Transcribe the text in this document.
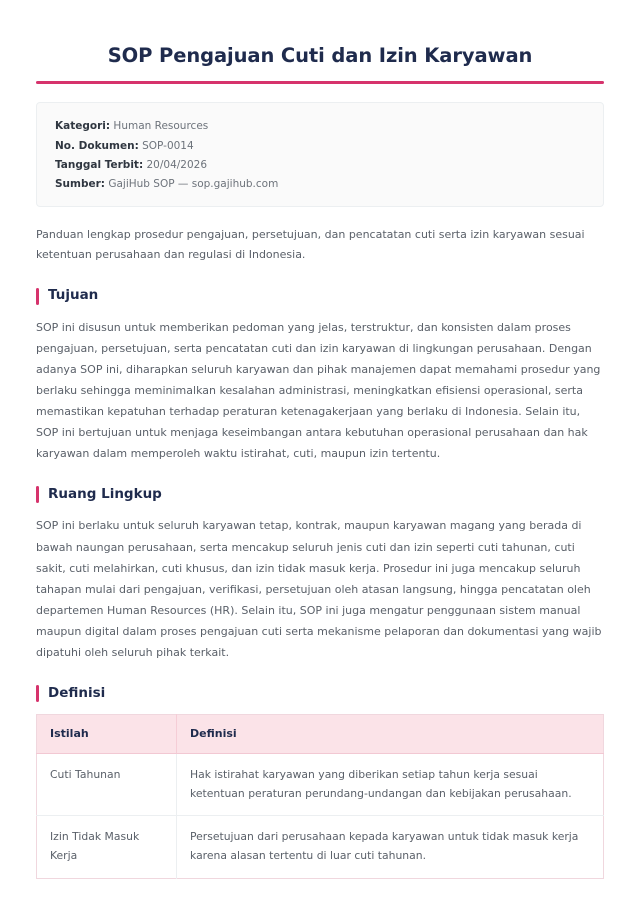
SOP Pengajuan Cuti dan Izin Karyawan
Kategori: Human Resources
No. Dokumen: SOP-0014
Tanggal Terbit: 20/04/2026
Sumber: GajiHub SOP — sop.gajihub.com

Panduan lengkap prosedur pengajuan, persetujuan, dan pencatatan cuti serta izin karyawan sesuai ketentuan perusahaan dan regulasi di Indonesia.

Tujuan

SOP ini disusun untuk memberikan pedoman yang jelas, terstruktur, dan konsisten dalam proses pengajuan, persetujuan, serta pencatatan cuti dan izin karyawan di lingkungan perusahaan. Dengan adanya SOP ini, diharapkan seluruh karyawan dan pihak manajemen dapat memahami prosedur yang berlaku sehingga meminimalkan kesalahan administrasi, meningkatkan efisiensi operasional, serta memastikan kepatuhan terhadap peraturan ketenagakerjaan yang berlaku di Indonesia. Selain itu, SOP ini bertujuan untuk menjaga keseimbangan antara kebutuhan operasional perusahaan dan hak karyawan dalam memperoleh waktu istirahat, cuti, maupun izin tertentu.

Ruang Lingkup

SOP ini berlaku untuk seluruh karyawan tetap, kontrak, maupun karyawan magang yang berada di bawah naungan perusahaan, serta mencakup seluruh jenis cuti dan izin seperti cuti tahunan, cuti sakit, cuti melahirkan, cuti khusus, dan izin tidak masuk kerja. Prosedur ini juga mencakup seluruh tahapan mulai dari pengajuan, verifikasi, persetujuan oleh atasan langsung, hingga pencatatan oleh departemen Human Resources (HR). Selain itu, SOP ini juga mengatur penggunaan sistem manual maupun digital dalam proses pengajuan cuti serta mekanisme pelaporan dan dokumentasi yang wajib dipatuhi oleh seluruh pihak terkait.

Definisi
Istilah	Definisi
Cuti Tahunan	Hak istirahat karyawan yang diberikan setiap tahun kerja sesuai ketentuan peraturan perundang-undangan dan kebijakan perusahaan.
Izin Tidak Masuk Kerja	Persetujuan dari perusahaan kepada karyawan untuk tidak masuk kerja karena alasan tertentu di luar cuti tahunan.
